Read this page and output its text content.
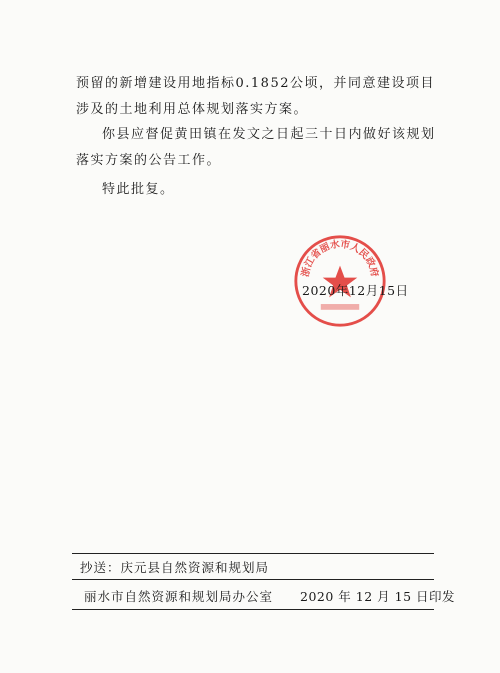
预留的新增建设用地指标0.1852公顷，并同意建设项目涉及的土地利用总体规划落实方案。

你县应督促黄田镇在发文之日起三十日内做好该规划落实方案的公告工作。

特此批复。

浙江省丽水市人民政府
2020年12月15日
抄送：庆元县自然资源和规划局
丽水市自然资源和规划局办公室 2020 年 12 月 15 日印发
